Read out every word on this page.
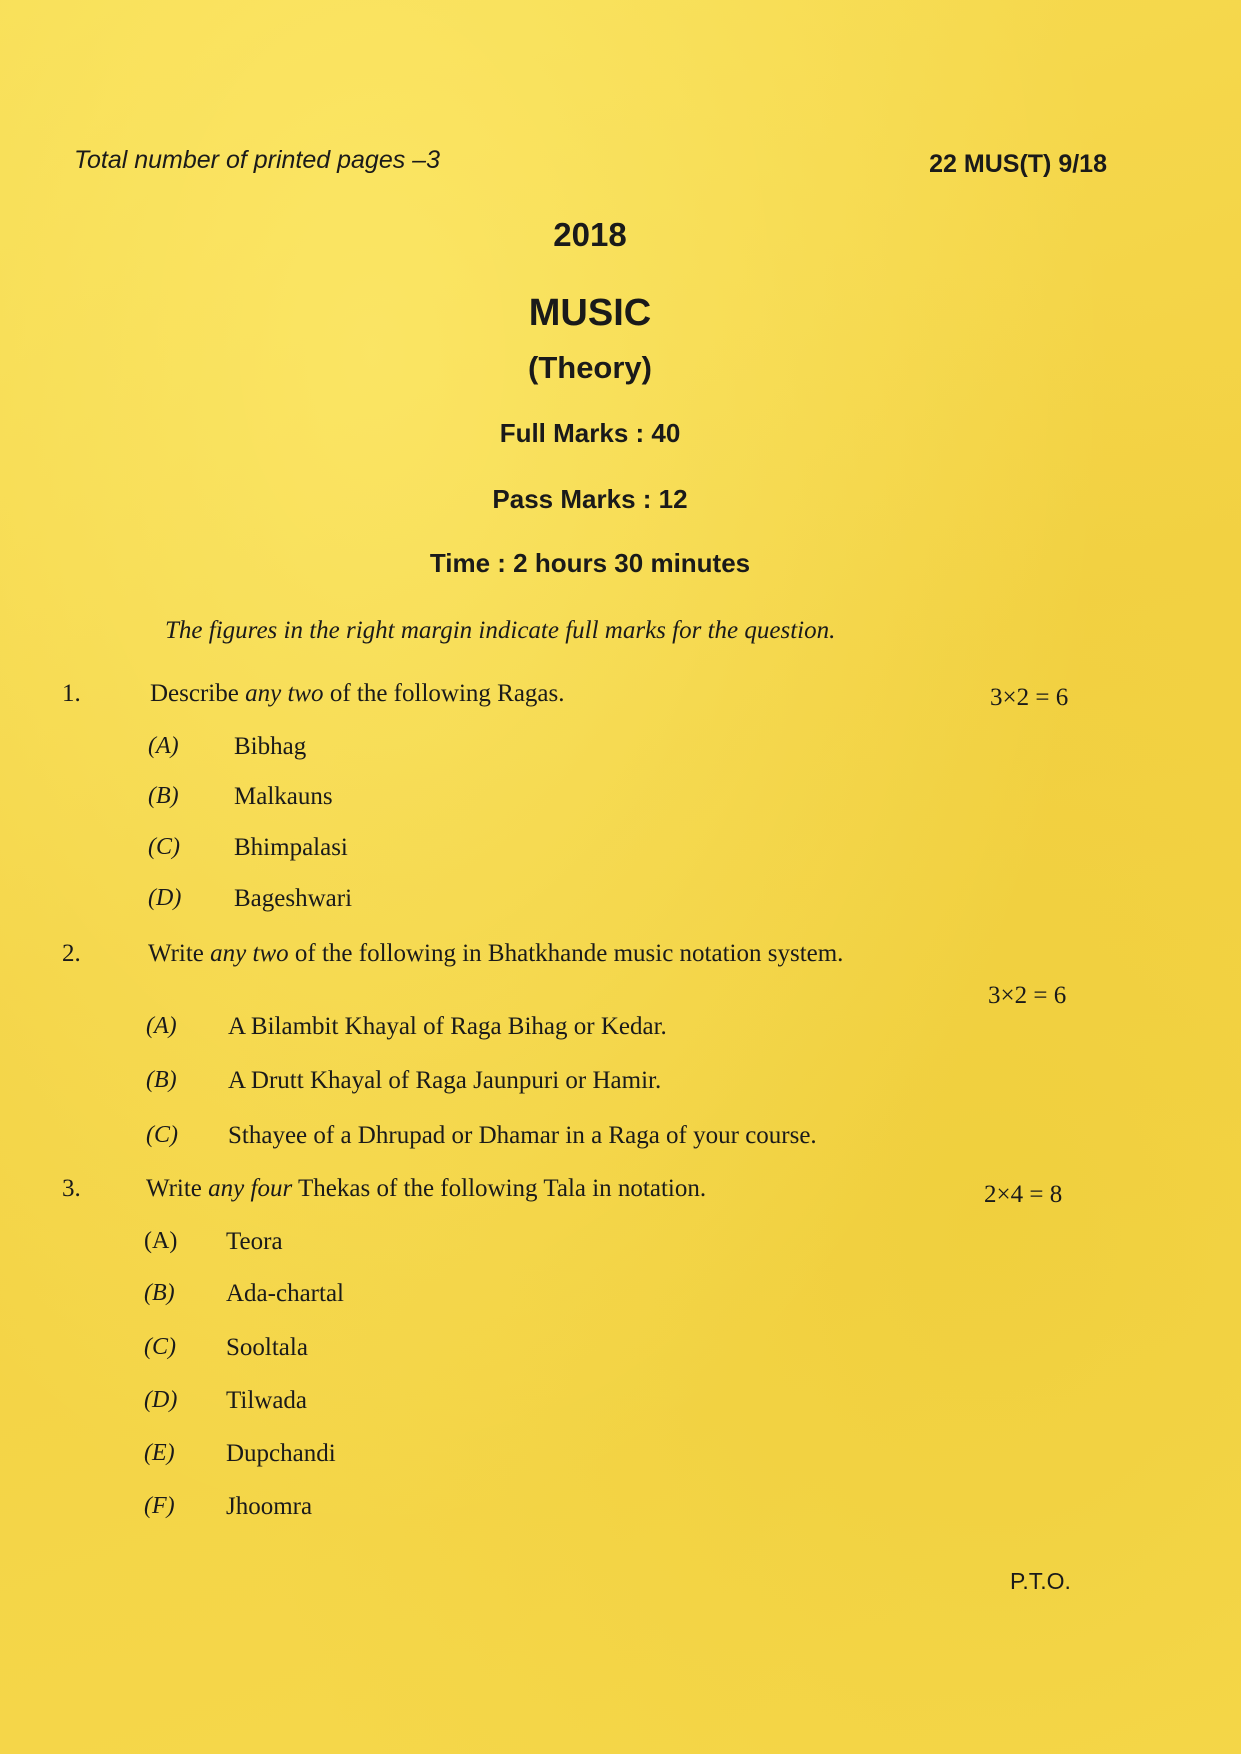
Total number of printed pages –3	22 MUS(T) 9/18
2018
MUSIC
(Theory)
Full Marks : 40
Pass Marks : 12
Time : 2 hours 30 minutes
The figures in the right margin indicate full marks for the question.
1.	Describe any two of the following Ragas.	3×2 = 6
(A) Bibhag
(B) Malkauns
(C) Bhimpalasi
(D) Bageshwari
2.	Write any two of the following in Bhatkhande music notation system.
3×2 = 6
(A) A Bilambit Khayal of Raga Bihag or Kedar.
(B) A Drutt Khayal of Raga Jaunpuri or Hamir.
(C) Sthayee of a Dhrupad or Dhamar in a Raga of your course.
3.	Write any four Thekas of the following Tala in notation.	2×4 = 8
(A) Teora
(B) Ada-chartal
(C) Sooltala
(D) Tilwada
(E) Dupchandi
(F) Jhoomra
P.T.O.
